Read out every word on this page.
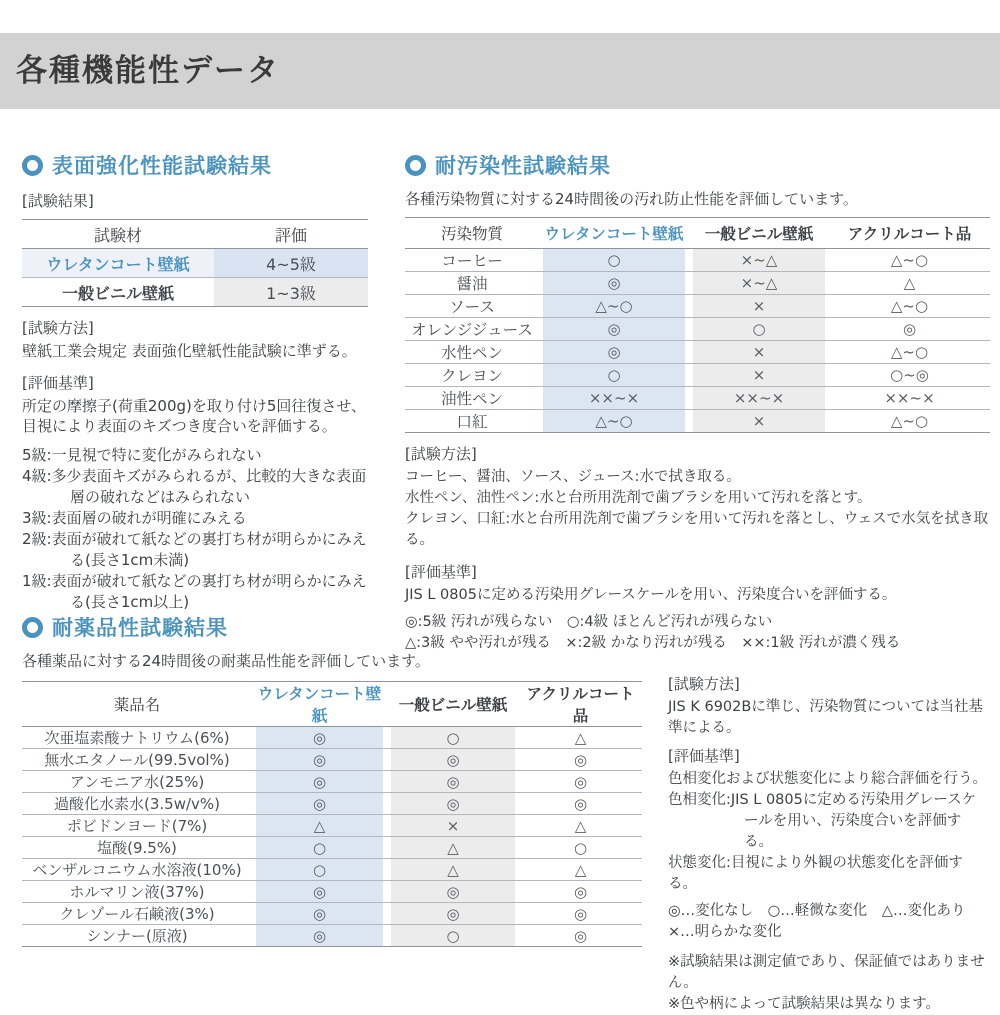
各種機能性データ
表面強化性能試験結果
[試験結果]
試験材	評価
ウレタンコート壁紙	4~5級
一般ビニル壁紙	1~3級
[試験方法]
壁紙工業会規定 表面強化壁紙性能試験に準ずる。
[評価基準]
所定の摩擦子(荷重200g)を取り付け5回往復させ、目視により表面のキズつき度合いを評価する。
5級:一見視で特に変化がみられない
4級:多少表面キズがみられるが、比較的大きな表面層の破れなどはみられない
3級:表面層の破れが明確にみえる
2級:表面が破れて紙などの裏打ち材が明らかにみえる(長さ1cm未満)
1級:表面が破れて紙などの裏打ち材が明らかにみえる(長さ1cm以上)
耐汚染性試験結果
各種汚染物質に対する24時間後の汚れ防止性能を評価しています。
汚染物質	ウレタンコート壁紙	一般ビニル壁紙	アクリルコート品
コーヒー	○	×~△	△~○
醤油	◎	×~△	△
ソース	△~○	×	△~○
オレンジジュース	◎	○	◎
水性ペン	◎	×	△~○
クレヨン	○	×	○~◎
油性ペン	××~×	××~×	××~×
口紅	△~○	×	△~○
[試験方法]
コーヒー、醤油、ソース、ジュース:水で拭き取る。
水性ペン、油性ペン:水と台所用洗剤で歯ブラシを用いて汚れを落とす。
クレヨン、口紅:水と台所用洗剤で歯ブラシを用いて汚れを落とし、ウェスで水気を拭き取る。
[評価基準]
JIS L 0805に定める汚染用グレースケールを用い、汚染度合いを評価する。
◎:5級 汚れが残らない　○:4級 ほとんど汚れが残らない
△:3級 やや汚れが残る　×:2級 かなり汚れが残る　××:1級 汚れが濃く残る
耐薬品性試験結果
各種薬品に対する24時間後の耐薬品性能を評価しています。
薬品名	ウレタンコート壁紙	一般ビニル壁紙	アクリルコート品
次亜塩素酸ナトリウム(6%)	◎	○	△
無水エタノール(99.5vol%)	◎	◎	◎
アンモニア水(25%)	◎	◎	◎
過酸化水素水(3.5w/v%)	◎	◎	◎
ポビドンヨード(7%)	△	×	△
塩酸(9.5%)	○	△	○
ベンザルコニウム水溶液(10%)	○	△	△
ホルマリン液(37%)	◎	◎	◎
クレゾール石鹸液(3%)	◎	◎	◎
シンナー(原液)	◎	○	◎
[試験方法]
JIS K 6902Bに準じ、汚染物質については当社基準による。
[評価基準]
色相変化および状態変化により総合評価を行う。
色相変化:JIS L 0805に定める汚染用グレースケールを用い、汚染度合いを評価する。
状態変化:目視により外観の状態変化を評価する。
◎…変化なし　○…軽微な変化　△…変化あり
×…明らかな変化
※試験結果は測定値であり、保証値ではありません。
※色や柄によって試験結果は異なります。
